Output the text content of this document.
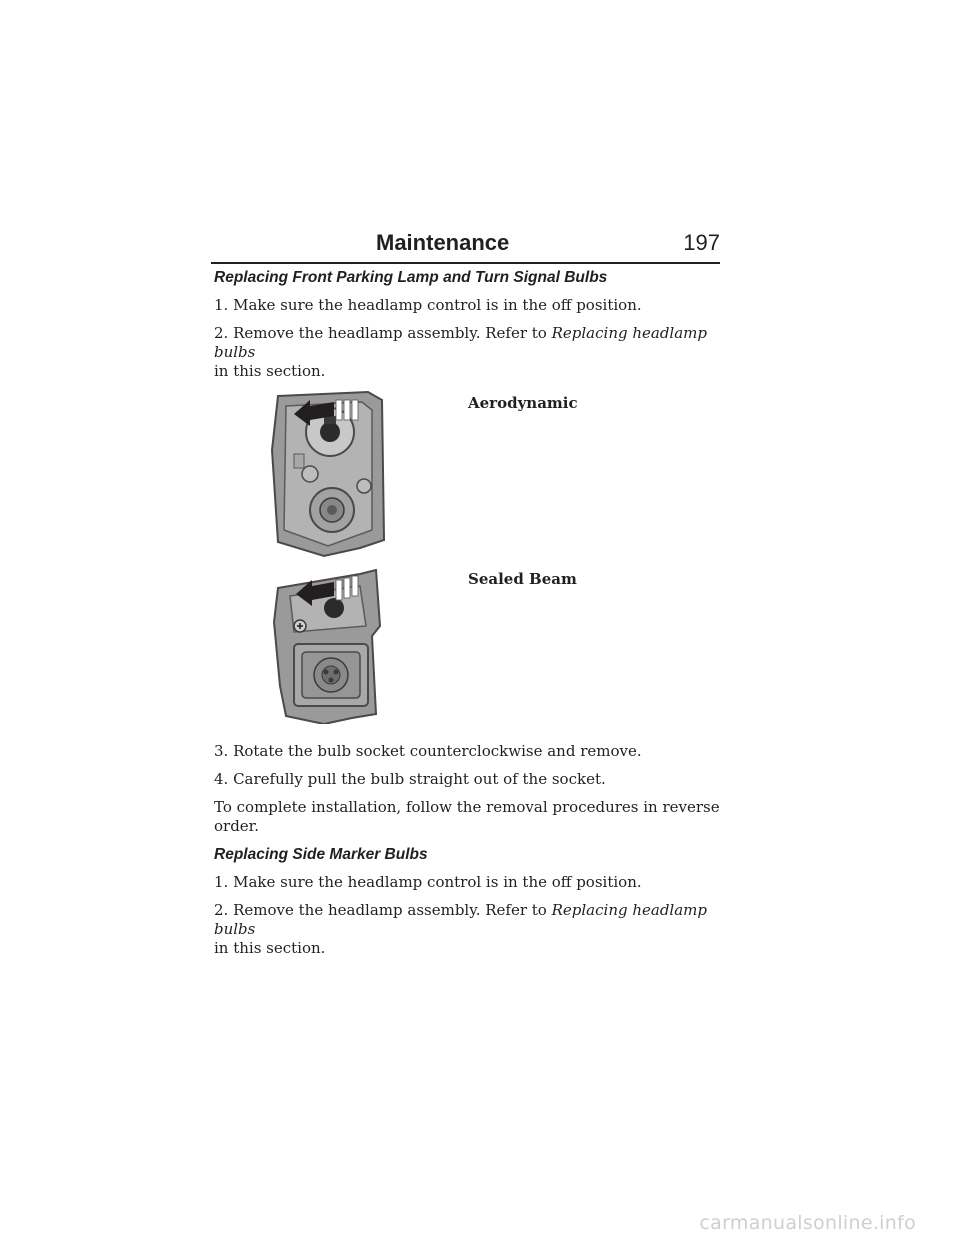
Maintenance	197
Replacing Front Parking Lamp and Turn Signal Bulbs

1. Make sure the headlamp control is in the off position.

2. Remove the headlamp assembly. Refer to Replacing headlamp bulbs
in this section.

Aerodynamic
Sealed Beam

3. Rotate the bulb socket counterclockwise and remove.

4. Carefully pull the bulb straight out of the socket.

To complete installation, follow the removal procedures in reverse order.

Replacing Side Marker Bulbs

1. Make sure the headlamp control is in the off position.

2. Remove the headlamp assembly. Refer to Replacing headlamp bulbs
in this section.

carmanualsonline.info
